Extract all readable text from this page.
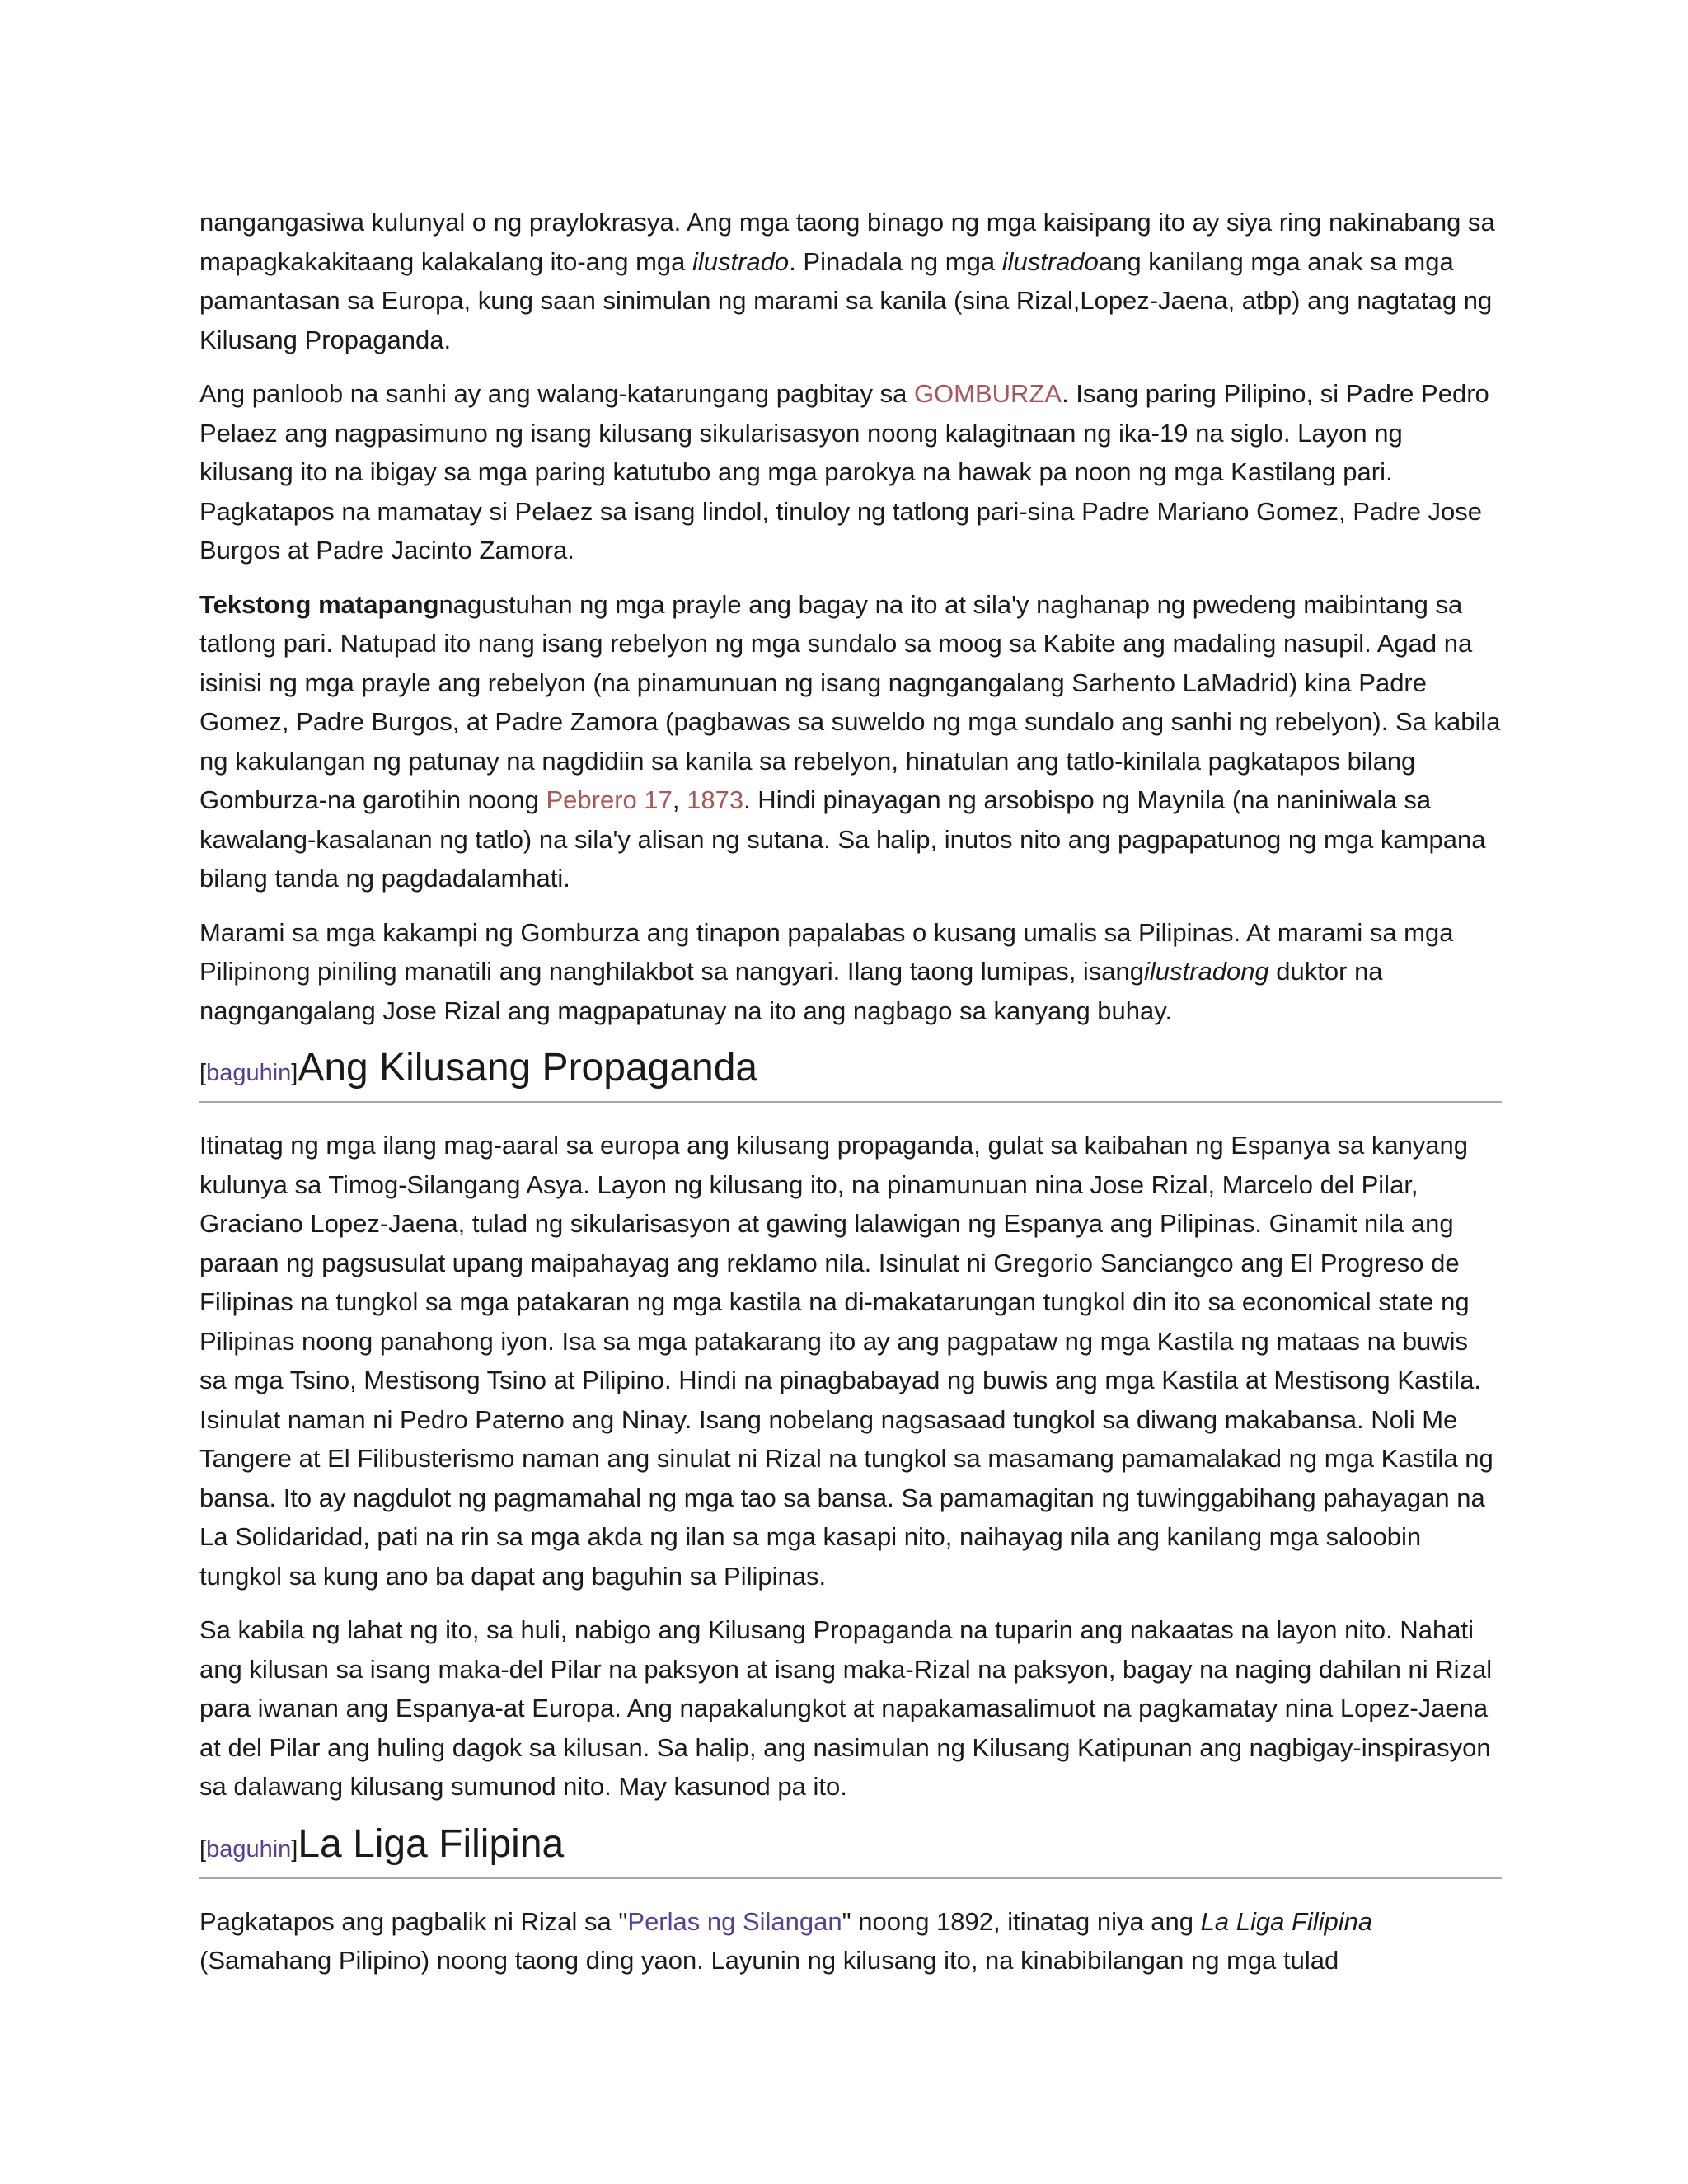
nangangasiwa kulunyal o ng praylokrasya. Ang mga taong binago ng mga kaisipang ito ay siya ring nakinabang sa mapagkakakitaang kalakalang ito-ang mga ilustrado. Pinadala ng mga ilustradoang kanilang mga anak sa mga pamantasan sa Europa, kung saan sinimulan ng marami sa kanila (sina Rizal,Lopez-Jaena, atbp) ang nagtatag ng Kilusang Propaganda.

Ang panloob na sanhi ay ang walang-katarungang pagbitay sa GOMBURZA. Isang paring Pilipino, si Padre Pedro Pelaez ang nagpasimuno ng isang kilusang sikularisasyon noong kalagitnaan ng ika-19 na siglo. Layon ng kilusang ito na ibigay sa mga paring katutubo ang mga parokya na hawak pa noon ng mga Kastilang pari. Pagkatapos na mamatay si Pelaez sa isang lindol, tinuloy ng tatlong pari-sina Padre Mariano Gomez, Padre Jose Burgos at Padre Jacinto Zamora.

Tekstong matapangnagustuhan ng mga prayle ang bagay na ito at sila'y naghanap ng pwedeng maibintang sa tatlong pari. Natupad ito nang isang rebelyon ng mga sundalo sa moog sa Kabite ang madaling nasupil. Agad na isinisi ng mga prayle ang rebelyon (na pinamunuan ng isang nagngangalang Sarhento LaMadrid) kina Padre Gomez, Padre Burgos, at Padre Zamora (pagbawas sa suweldo ng mga sundalo ang sanhi ng rebelyon). Sa kabila ng kakulangan ng patunay na nagdidiin sa kanila sa rebelyon, hinatulan ang tatlo-kinilala pagkatapos bilang Gomburza-na garotihin noong Pebrero 17, 1873. Hindi pinayagan ng arsobispo ng Maynila (na naniniwala sa kawalang-kasalanan ng tatlo) na sila'y alisan ng sutana. Sa halip, inutos nito ang pagpapatunog ng mga kampana bilang tanda ng pagdadalamhati.

Marami sa mga kakampi ng Gomburza ang tinapon papalabas o kusang umalis sa Pilipinas. At marami sa mga Pilipinong piniling manatili ang nanghilakbot sa nangyari. Ilang taong lumipas, isangilustradong duktor na nagngangalang Jose Rizal ang magpapatunay na ito ang nagbago sa kanyang buhay.

[baguhin]Ang Kilusang Propaganda

Itinatag ng mga ilang mag-aaral sa europa ang kilusang propaganda, gulat sa kaibahan ng Espanya sa kanyang kulunya sa Timog-Silangang Asya. Layon ng kilusang ito, na pinamunuan nina Jose Rizal, Marcelo del Pilar, Graciano Lopez-Jaena, tulad ng sikularisasyon at gawing lalawigan ng Espanya ang Pilipinas. Ginamit nila ang paraan ng pagsusulat upang maipahayag ang reklamo nila. Isinulat ni Gregorio Sanciangco ang El Progreso de Filipinas na tungkol sa mga patakaran ng mga kastila na di-makatarungan tungkol din ito sa economical state ng Pilipinas noong panahong iyon. Isa sa mga patakarang ito ay ang pagpataw ng mga Kastila ng mataas na buwis sa mga Tsino, Mestisong Tsino at Pilipino. Hindi na pinagbabayad ng buwis ang mga Kastila at Mestisong Kastila. Isinulat naman ni Pedro Paterno ang Ninay. Isang nobelang nagsasaad tungkol sa diwang makabansa. Noli Me Tangere at El Filibusterismo naman ang sinulat ni Rizal na tungkol sa masamang pamamalakad ng mga Kastila ng bansa. Ito ay nagdulot ng pagmamahal ng mga tao sa bansa. Sa pamamagitan ng tuwinggabihang pahayagan na La Solidaridad, pati na rin sa mga akda ng ilan sa mga kasapi nito, naihayag nila ang kanilang mga saloobin tungkol sa kung ano ba dapat ang baguhin sa Pilipinas.

Sa kabila ng lahat ng ito, sa huli, nabigo ang Kilusang Propaganda na tuparin ang nakaatas na layon nito. Nahati ang kilusan sa isang maka-del Pilar na paksyon at isang maka-Rizal na paksyon, bagay na naging dahilan ni Rizal para iwanan ang Espanya-at Europa. Ang napakalungkot at napakamasalimuot na pagkamatay nina Lopez-Jaena at del Pilar ang huling dagok sa kilusan. Sa halip, ang nasimulan ng Kilusang Katipunan ang nagbigay-inspirasyon sa dalawang kilusang sumunod nito. May kasunod pa ito.

[baguhin]La Liga Filipina

Pagkatapos ang pagbalik ni Rizal sa "Perlas ng Silangan" noong 1892, itinatag niya ang La Liga Filipina (Samahang Pilipino) noong taong ding yaon. Layunin ng kilusang ito, na kinabibilangan ng mga tulad
